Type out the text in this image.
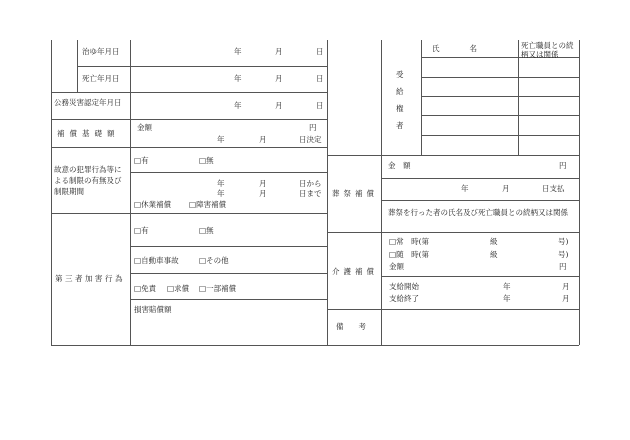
治ゆ年月日	年	月	日
死亡年月日	年	月	日
公務災害認定年月日	年	月	日
補償基礎額
金額	円
年	月	日決定
故意の犯罪行為等による制限の有無及び制限期間
□有	□無
年	月	日から
年	月	日まで
□休業補償 □障害補償
第三者加害行為
□有	□無
□自動車事故	□その他
□免責 □求償 □一部補償
損害賠償額
受給権者
氏　　　　名	死亡職員との続柄又は関係
葬祭補償
金　額	円
年	月	日支払
葬祭を行った者の氏名及び死亡職員との続柄又は関係
介護補償
□常　時(第	級	号)
□随　時(第	級	号)
金額	円
支給開始	年	月
支給終了	年	月
備　　考
